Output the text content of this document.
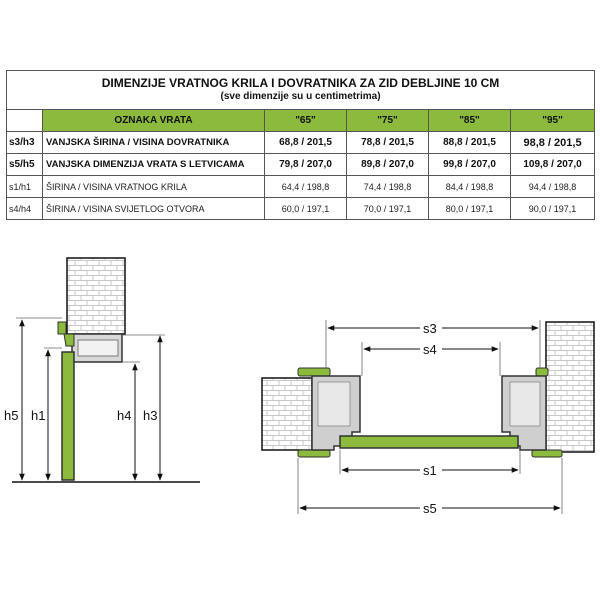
DIMENZIJE VRATNOG KRILA I DOVRATNIKA ZA ZID DEBLJINE 10 CM
(sve dimenzije su u centimetrima)					

	OZNAKA VRATA	"65"	"75"	"85"	"95"
s3/h3	VANJSKA ŠIRINA / VISINA DOVRATNIKA	68,8 / 201,5	78,8 / 201,5	88,8 / 201,5	98,8 / 201,5
s5/h5	VANJSKA DIMENZIJA VRATA S LETVICAMA	79,8 / 207,0	89,8 / 207,0	99,8 / 207,0	109,8 / 207,0
s1/h1	ŠIRINA / VISINA VRATNOG KRILA	64,4 / 198,8	74,4 / 198,8	84,4 / 198,8	94,4 / 198,8
s4/h4	ŠIRINA / VISINA SVIJETLOG OTVORA	60,0 / 197,1	70,0 / 197,1	80,0 / 197,1	90,0 / 197,1
h5 h1	h4 h3
s3
s4
s1
s5
